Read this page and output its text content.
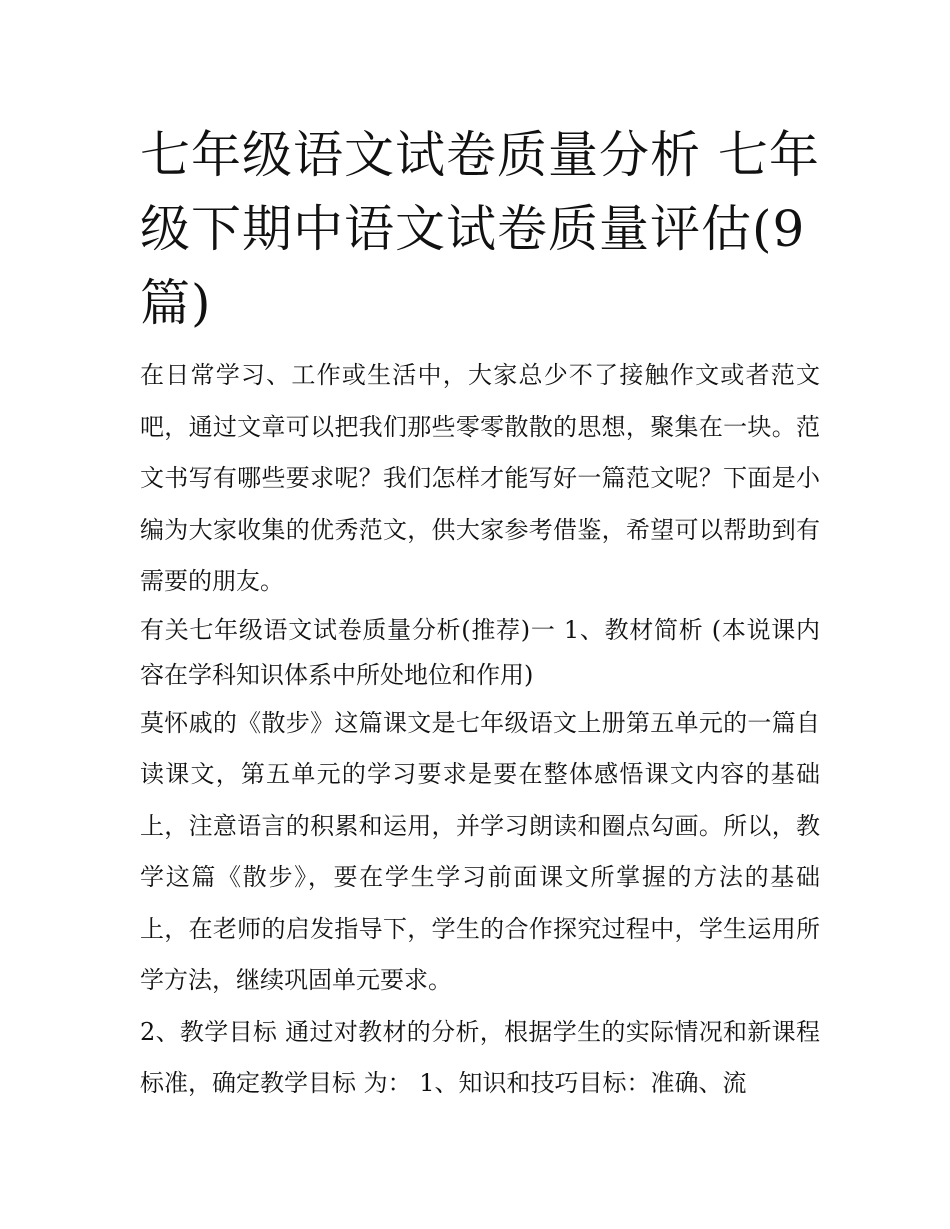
七年级语文试卷质量分析 七年级下期中语文试卷质量评估(9篇)

在日常学习、工作或生活中，大家总少不了接触作文或者范文吧，通过文章可以把我们那些零零散散的思想，聚集在一块。范文书写有哪些要求呢？我们怎样才能写好一篇范文呢？下面是小编为大家收集的优秀范文，供大家参考借鉴，希望可以帮助到有需要的朋友。

有关七年级语文试卷质量分析(推荐)一 1、教材简析 (本说课内容在学科知识体系中所处地位和作用)

莫怀戚的《散步》这篇课文是七年级语文上册第五单元的一篇自读课文，第五单元的学习要求是要在整体感悟课文内容的基础上，注意语言的积累和运用，并学习朗读和圈点勾画。所以，教学这篇《散步》，要在学生学习前面课文所掌握的方法的基础上，在老师的启发指导下，学生的合作探究过程中，学生运用所学方法，继续巩固单元要求。

2、教学目标 通过对教材的分析，根据学生的实际情况和新课程标准，确定教学目标 为： 1、知识和技巧目标：准确、流
